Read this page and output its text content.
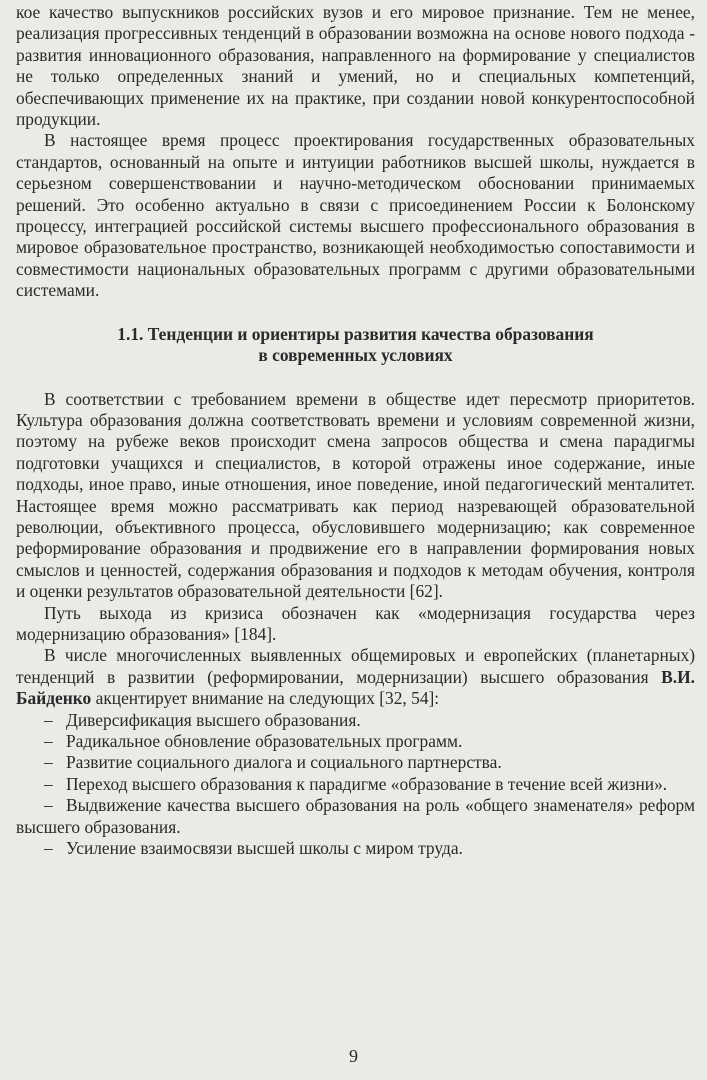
кое качество выпускников российских вузов и его мировое признание. Тем не менее, реализация прогрессивных тенденций в образовании возможна на основе нового подхода - развития инновационного образования, направленного на формирование у специалистов не только определенных знаний и умений, но и специальных компетенций, обеспечивающих применение их на практике, при создании новой конкурентоспособной продукции.

В настоящее время процесс проектирования государственных образовательных стандартов, основанный на опыте и интуиции работников высшей школы, нуждается в серьезном совершенствовании и научно-методическом обосновании принимаемых решений. Это особенно актуально в связи с присоединением России к Болонскому процессу, интеграцией российской системы высшего профессионального образования в мировое образовательное пространство, возникающей необходимостью сопоставимости и совместимости национальных образовательных программ с другими образовательными системами.

1.1. Тенденции и ориентиры развития качества образования
в современных условиях

В соответствии с требованием времени в обществе идет пересмотр приоритетов. Культура образования должна соответствовать времени и условиям современной жизни, поэтому на рубеже веков происходит смена запросов общества и смена парадигмы подготовки учащихся и специалистов, в которой отражены иное содержание, иные подходы, иное право, иные отношения, иное поведение, иной педагогический менталитет. Настоящее время можно рассматривать как период назревающей образовательной революции, объективного процесса, обусловившего модернизацию; как современное реформирование образования и продвижение его в направлении формирования новых смыслов и ценностей, содержания образования и подходов к методам обучения, контроля и оценки результатов образовательной деятельности [62].

Путь выхода из кризиса обозначен как «модернизация государства через модернизацию образования» [184].

В числе многочисленных выявленных общемировых и европейских (планетарных) тенденций в развитии (реформировании, модернизации) высшего образования В.И. Байденко акцентирует внимание на следующих [32, 54]:

– Диверсификация высшего образования.

– Радикальное обновление образовательных программ.

– Развитие социального диалога и социального партнерства.

– Переход высшего образования к парадигме «образование в течение всей жизни».

– Выдвижение качества высшего образования на роль «общего знаменателя» реформ высшего образования.

– Усиление взаимосвязи высшей школы с миром труда.

9
